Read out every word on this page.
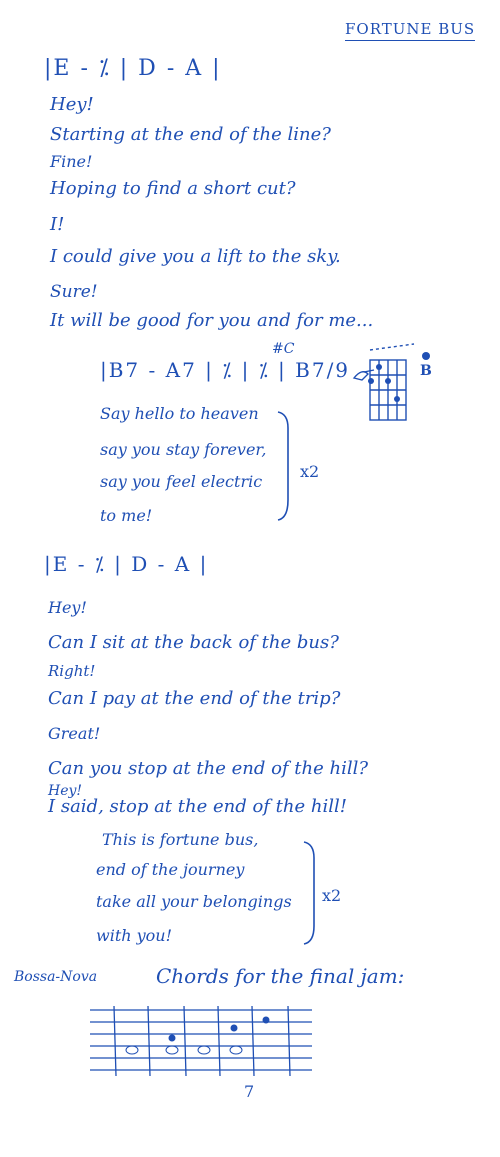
FORTUNE BUS
|E - ⁒ | D - A |
Hey!
Starting at the end of the line?
Fine!
Hoping to find a short cut?
I!
I could give you a lift to the sky.
Sure!
It will be good for you and for me...
#C
|B7 - A7 | ⁒ | ⁒ | B7/9	B
Say hello to heaven
say you stay forever,
say you feel electric
to me!
x2
|E - ⁒ | D - A |
Hey!
Can I sit at the back of the bus?
Right!
Can I pay at the end of the trip?
Great!
Can you stop at the end of the hill?
Hey!
I said, stop at the end of the hill!
This is fortune bus,
end of the journey
take all your belongings
with you!
x2
Bossa-Nova	Chords for the final jam:
7
